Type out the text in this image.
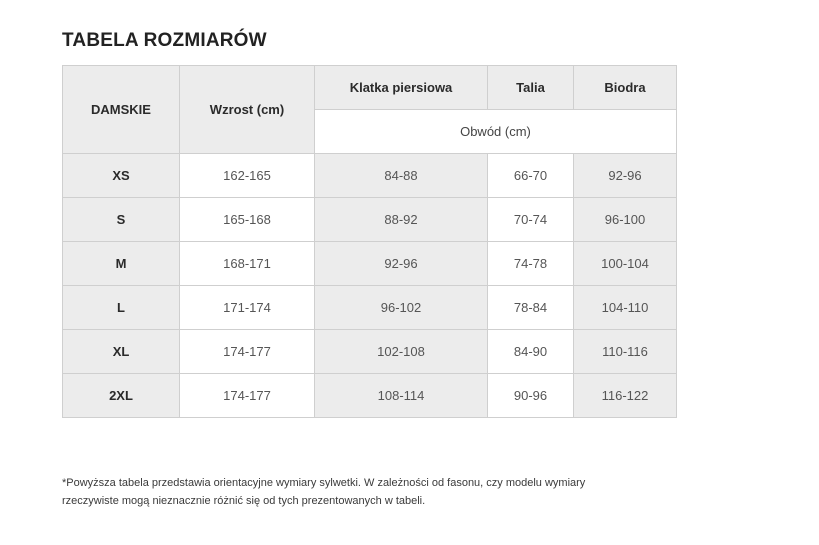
TABELA ROZMIARÓW
DAMSKIE	Wzrost (cm)	Klatka piersiowa	Talia	Biodra
		Obwód (cm)		
XS	162-165	84-88	66-70	92-96
S	165-168	88-92	70-74	96-100
M	168-171	92-96	74-78	100-104
L	171-174	96-102	78-84	104-110
XL	174-177	102-108	84-90	110-116
2XL	174-177	108-114	90-96	116-122
*Powyższa tabela przedstawia orientacyjne wymiary sylwetki. W zależności od fasonu, czy modelu wymiary
rzeczywiste mogą nieznacznie różnić się od tych prezentowanych w tabeli.
